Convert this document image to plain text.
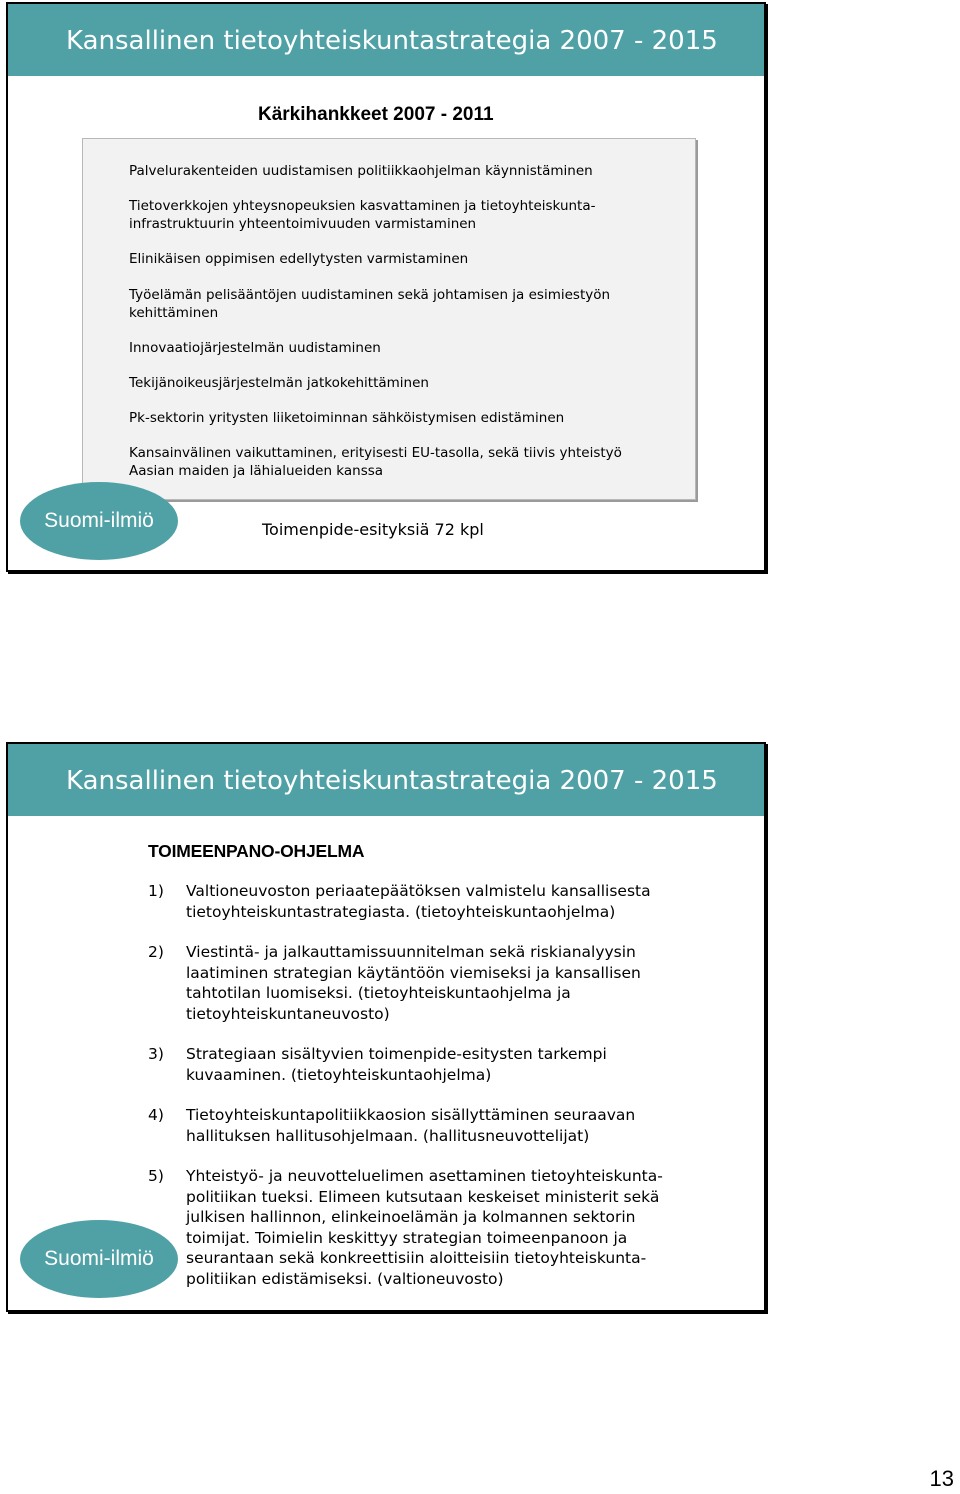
Kansallinen tietoyhteiskuntastrategia 2007 - 2015
Kärkihankkeet 2007 - 2011
Palvelurakenteiden uudistamisen politiikkaohjelman käynnistäminen
Tietoverkkojen yhteysnopeuksien kasvattaminen ja tietoyhteiskunta-
infrastruktuurin yhteentoimivuuden varmistaminen
Elinikäisen oppimisen edellytysten varmistaminen
Työelämän pelisääntöjen uudistaminen sekä johtamisen ja esimiestyön
kehittäminen
Innovaatiojärjestelmän uudistaminen
Tekijänoikeusjärjestelmän jatkokehittäminen
Pk-sektorin yritysten liiketoiminnan sähköistymisen edistäminen
Kansainvälinen vaikuttaminen, erityisesti EU-tasolla, sekä tiivis yhteistyö
Aasian maiden ja lähialueiden kanssa
Suomi-ilmiö	Toimenpide-esityksiä 72 kpl
Kansallinen tietoyhteiskuntastrategia 2007 - 2015
TOIMEENPANO-OHJELMA
1) Valtioneuvoston periaatepäätöksen valmistelu kansallisesta
tietoyhteiskuntastrategiasta. (tietoyhteiskuntaohjelma)
2) Viestintä- ja jalkauttamissuunnitelman sekä riskianalyysin
laatiminen strategian käytäntöön viemiseksi ja kansallisen
tahtotilan luomiseksi. (tietoyhteiskuntaohjelma ja
tietoyhteiskuntaneuvosto)
3) Strategiaan sisältyvien toimenpide-esitysten tarkempi
kuvaaminen. (tietoyhteiskuntaohjelma)
4) Tietoyhteiskuntapolitiikkaosion sisällyttäminen seuraavan
hallituksen hallitusohjelmaan. (hallitusneuvottelijat)
5) Yhteistyö- ja neuvotteluelimen asettaminen tietoyhteiskunta-
politiikan tueksi. Elimeen kutsutaan keskeiset ministerit sekä
julkisen hallinnon, elinkeinoelämän ja kolmannen sektorin
toimijat. Toimielin keskittyy strategian toimeenpanoon ja
seurantaan sekä konkreettisiin aloitteisiin tietoyhteiskunta-
politiikan edistämiseksi. (valtioneuvosto)
Suomi-ilmiö
13
